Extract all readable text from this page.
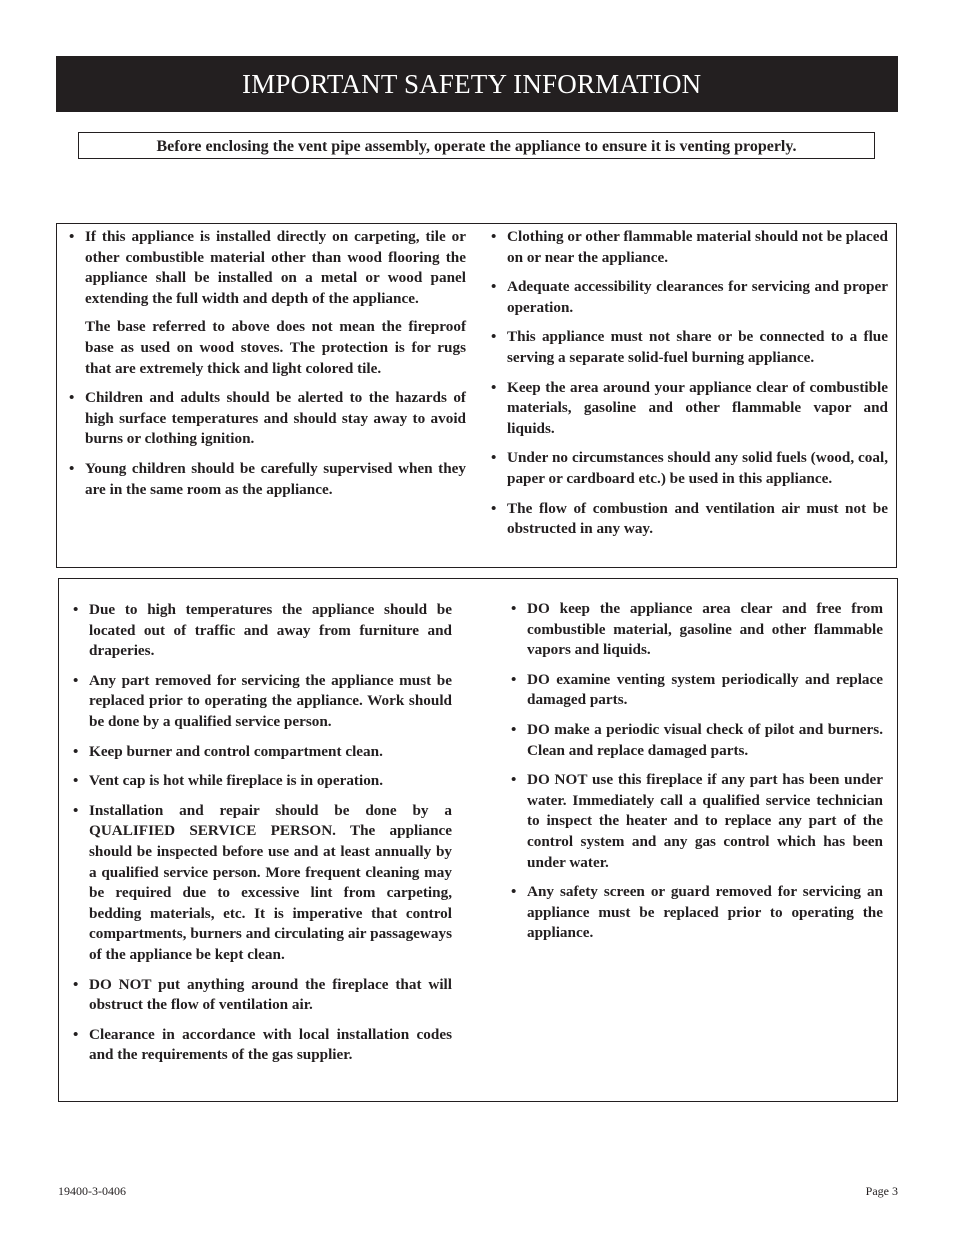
IMPORTANT SAFETY INFORMATION
Before enclosing the vent pipe assembly, operate the appliance to ensure it is venting properly.

• If this appliance is installed directly on carpeting, tile or other combustible material other than wood flooring the appliance shall be installed on a metal or wood panel extending the full width and depth of the appliance.

The base referred to above does not mean the fireproof base as used on wood stoves. The protection is for rugs that are extremely thick and light colored tile.

• Children and adults should be alerted to the hazards of high surface temperatures and should stay away to avoid burns or clothing ignition.

• Young children should be carefully supervised when they are in the same room as the appliance.

• Clothing or other flammable material should not be placed on or near the appliance.

• Adequate accessibility clearances for servicing and proper operation.

• This appliance must not share or be connected to a flue serving a separate solid-fuel burning appliance.

• Keep the area around your appliance clear of combustible materials, gasoline and other flammable vapor and liquids.

• Under no circumstances should any solid fuels (wood, coal, paper or cardboard etc.) be used in this appliance.

• The flow of combustion and ventilation air must not be obstructed in any way.

• Due to high temperatures the appliance should be located out of traffic and away from furniture and draperies.

• Any part removed for servicing the appliance must be replaced prior to operating the appliance. Work should be done by a qualified service person.

• Keep burner and control compartment clean.

• Vent cap is hot while fireplace is in operation.

• Installation and repair should be done by a QUALIFIED SERVICE PERSON. The appliance should be inspected before use and at least annually by a qualified service person. More frequent cleaning may be required due to excessive lint from carpeting, bedding materials, etc. It is imperative that control compartments, burners and circulating air passageways of the appliance be kept clean.

• DO NOT put anything around the fireplace that will obstruct the flow of ventilation air.

• Clearance in accordance with local installation codes and the requirements of the gas supplier.

• DO keep the appliance area clear and free from combustible material, gasoline and other flammable vapors and liquids.

• DO examine venting system periodically and replace damaged parts.

• DO make a periodic visual check of pilot and burners. Clean and replace damaged parts.

• DO NOT use this fireplace if any part has been under water. Immediately call a qualified service technician to inspect the heater and to replace any part of the control system and any gas control which has been under water.

• Any safety screen or guard removed for servicing an appliance must be replaced prior to operating the appliance.

19400-3-0406	Page 3
